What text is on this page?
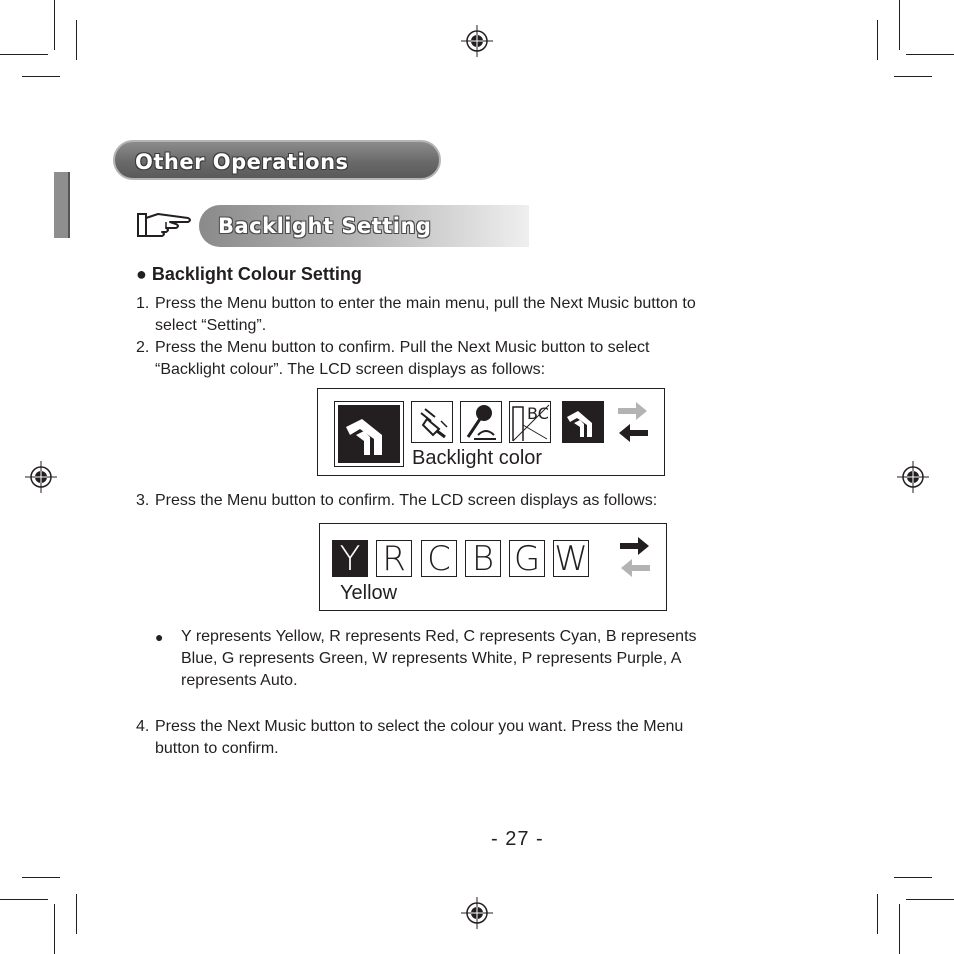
Other Operations
Backlight Setting
● Backlight Colour Setting
1. Press the Menu button to enter the main menu, pull the Next Music button to
select “Setting”.
2. Press the Menu button to confirm. Pull the Next Music button to select
“Backlight colour”. The LCD screen displays as follows:
BC
Backlight color
3. Press the Menu button to confirm. The LCD screen displays as follows:
Y R C B G W
Yellow
● Y represents Yellow, R represents Red, C represents Cyan, B represents
Blue, G represents Green, W represents White, P represents Purple, A
represents Auto.
4. Press the Next Music button to select the colour you want. Press the Menu
button to confirm.
- 27 -
